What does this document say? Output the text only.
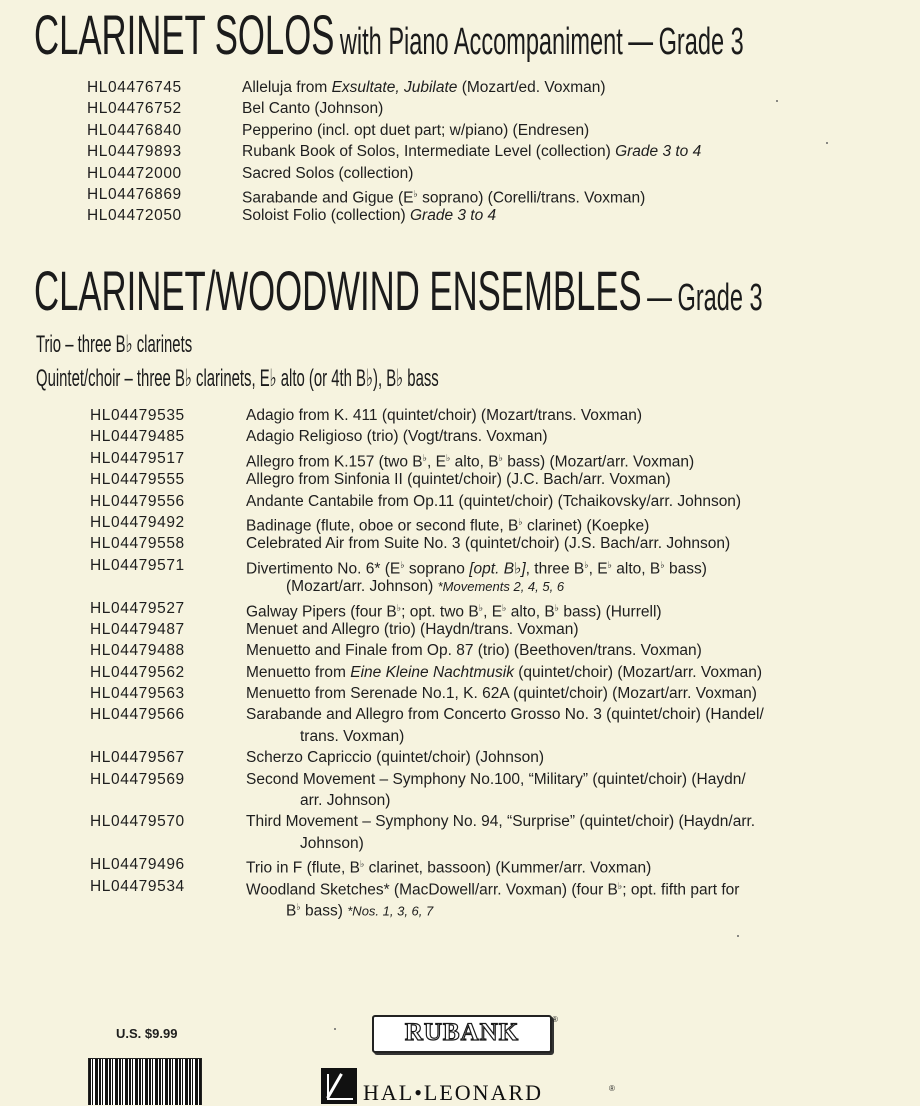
CLARINET SOLOS with Piano Accompaniment — Grade 3
HL04476745	Alleluja from Exsultate, Jubilate (Mozart/ed. Voxman)
HL04476752	Bel Canto (Johnson)
HL04476840	Pepperino (incl. opt duet part; w/piano) (Endresen)
HL04479893	Rubank Book of Solos, Intermediate Level (collection) Grade 3 to 4
HL04472000	Sacred Solos (collection)
HL04476869	Sarabande and Gigue (E♭ soprano) (Corelli/trans. Voxman)
HL04472050	Soloist Folio (collection) Grade 3 to 4
CLARINET/WOODWIND ENSEMBLES — Grade 3
Trio – three B♭ clarinets
Quintet/choir – three B♭ clarinets, E♭ alto (or 4th B♭), B♭ bass
HL04479535	Adagio from K. 411 (quintet/choir) (Mozart/trans. Voxman)
HL04479485	Adagio Religioso (trio) (Vogt/trans. Voxman)
HL04479517	Allegro from K.157 (two B♭, E♭ alto, B♭ bass) (Mozart/arr. Voxman)
HL04479555	Allegro from Sinfonia II (quintet/choir) (J.C. Bach/arr. Voxman)
HL04479556	Andante Cantabile from Op.11 (quintet/choir) (Tchaikovsky/arr. Johnson)
HL04479492	Badinage (flute, oboe or second flute, B♭ clarinet) (Koepke)
HL04479558	Celebrated Air from Suite No. 3 (quintet/choir) (J.S. Bach/arr. Johnson)
HL04479571	Divertimento No. 6* (E♭ soprano [opt. B♭], three B♭, E♭ alto, B♭ bass)
(Mozart/arr. Johnson) *Movements 2, 4, 5, 6
HL04479527	Galway Pipers (four B♭; opt. two B♭, E♭ alto, B♭ bass) (Hurrell)
HL04479487	Menuet and Allegro (trio) (Haydn/trans. Voxman)
HL04479488	Menuetto and Finale from Op. 87 (trio) (Beethoven/trans. Voxman)
HL04479562	Menuetto from Eine Kleine Nachtmusik (quintet/choir) (Mozart/arr. Voxman)
HL04479563	Menuetto from Serenade No.1, K. 62A (quintet/choir) (Mozart/arr. Voxman)
HL04479566	Sarabande and Allegro from Concerto Grosso No. 3 (quintet/choir) (Handel/
trans. Voxman)
HL04479567	Scherzo Capriccio (quintet/choir) (Johnson)
HL04479569	Second Movement – Symphony No.100, “Military” (quintet/choir) (Haydn/
arr. Johnson)
HL04479570	Third Movement – Symphony No. 94, “Surprise” (quintet/choir) (Haydn/arr.
Johnson)
HL04479496	Trio in F (flute, B♭ clarinet, bassoon) (Kummer/arr. Voxman)
HL04479534	Woodland Sketches* (MacDowell/arr. Voxman) (four B♭; opt. fifth part for
B♭ bass) *Nos. 1, 3, 6, 7
U.S. $9.99	RUBANK	®
HAL•LEONARD	®
